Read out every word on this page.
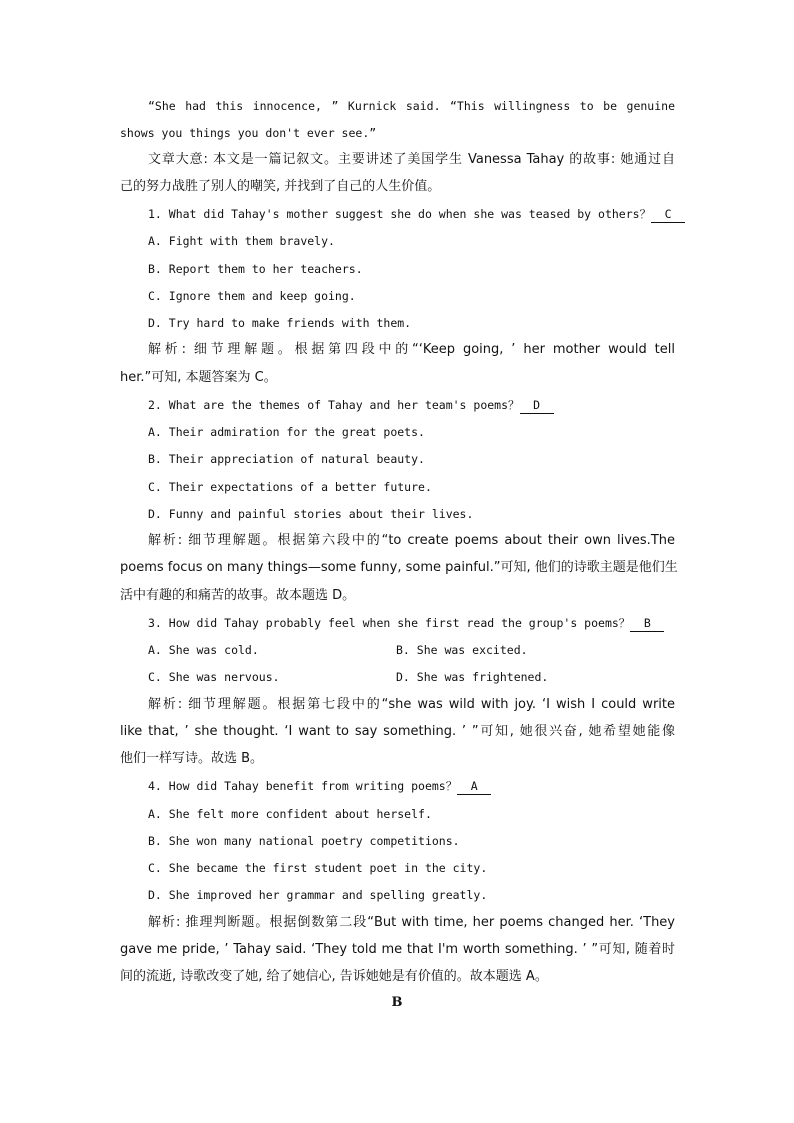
“She had this innocence, ” Kurnick said. “This willingness to be genuine
shows you things you don't ever see.”
文章大意: 本文是一篇记叙文。主要讲述了美国学生 Vanessa Tahay 的故事: 她通过自
己的努力战胜了别人的嘲笑, 并找到了自己的人生价值。
1. What did Tahay's mother suggest she do when she was teased by others？ C
A. Fight with them bravely.
B. Report them to her teachers.
C. Ignore them and keep going.
D. Try hard to make friends with them.
解析: 细节理解题。根据第四段中的“‘Keep going, ’ her mother would tell
her.”可知, 本题答案为 C。
2. What are the themes of Tahay and her team's poems？ D
A. Their admiration for the great poets.
B. Their appreciation of natural beauty.
C. Their expectations of a better future.
D. Funny and painful stories about their lives.
解析: 细节理解题。根据第六段中的“to create poems about their own lives.The
poems focus on many things—some funny, some painful.”可知, 他们的诗歌主题是他们生
活中有趣的和痛苦的故事。故本题选 D。
3. How did Tahay probably feel when she first read the group's poems？ B
A. She was cold.	B. She was excited.
C. She was nervous.	D. She was frightened.
解析: 细节理解题。根据第七段中的“she was wild with joy. ‘I wish I could write
like that, ’ she thought. ‘I want to say something. ’ ”可知, 她很兴奋, 她希望她能像
他们一样写诗。故选 B。
4. How did Tahay benefit from writing poems？ A
A. She felt more confident about herself.
B. She won many national poetry competitions.
C. She became the first student poet in the city.
D. She improved her grammar and spelling greatly.
解析: 推理判断题。根据倒数第二段“But with time, her poems changed her. ‘They
gave me pride, ’ Tahay said. ‘They told me that I'm worth something. ’ ”可知, 随着时
间的流逝, 诗歌改变了她, 给了她信心, 告诉她她是有价值的。故本题选 A。
B
